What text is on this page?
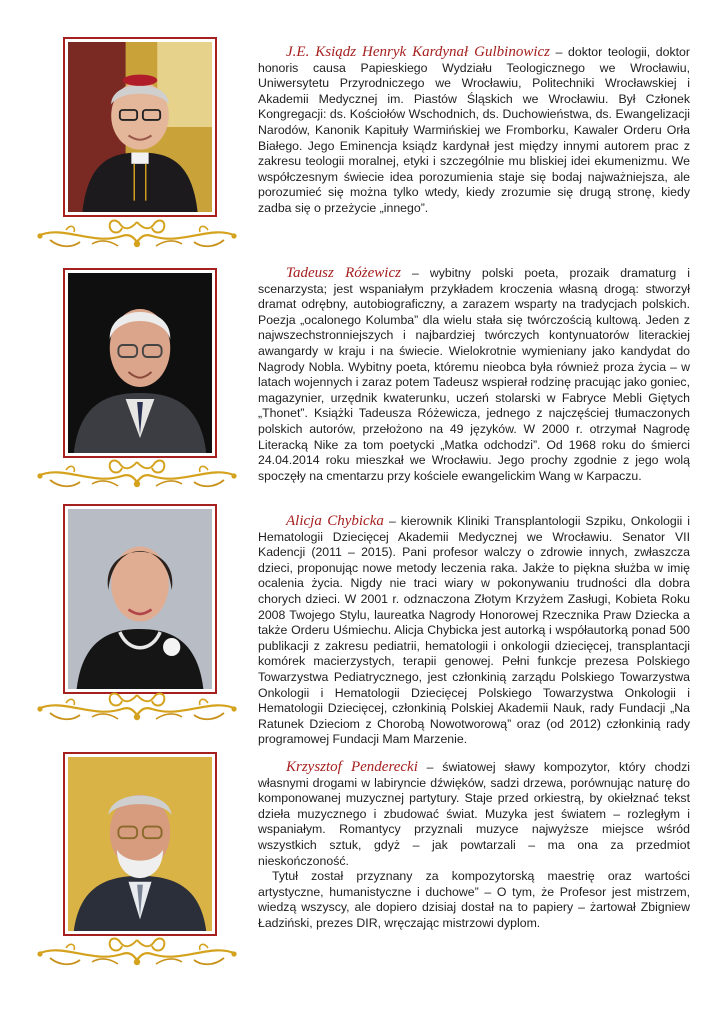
J.E. Ksiądz Henryk Kardynał Gulbinowicz – doktor teologii, doktor honoris causa Papieskiego Wydziału Teologicznego we Wrocławiu, Uniwersytetu Przyrodniczego we Wrocławiu, Politechniki Wrocławskiej i Akademii Medycznej im. Piastów Śląskich we Wrocławiu. Był Członek Kongregacji: ds. Kościołów Wschodnich, ds. Duchowieństwa, ds. Ewangelizacji Narodów, Kanonik Kapituły Warmińskiej we Fromborku, Kawaler Orderu Orła Białego. Jego Eminencja ksiądz kardynał jest między innymi autorem prac z zakresu teologii moralnej, etyki i szczególnie mu bliskiej idei ekumenizmu. We współczesnym świecie idea porozumienia staje się bodaj najważniejsza, ale porozumieć się można tylko wtedy, kiedy zrozumie się drugą stronę, kiedy zadba się o przeżycie „innego”.

Tadeusz Różewicz – wybitny polski poeta, prozaik dramaturg i scenarzysta; jest wspaniałym przykładem kroczenia własną drogą: stworzył dramat odrębny, autobiograficzny, a zarazem wsparty na tradycjach polskich. Poezja „ocalonego Kolumba” dla wielu stała się twórczością kultową. Jeden z najwszechstronniejszych i najbardziej twórczych kontynuatorów literackiej awangardy w kraju i na świecie. Wielokrotnie wymieniany jako kandydat do Nagrody Nobla. Wybitny poeta, któremu nieobca była również proza życia – w latach wojennych i zaraz potem Tadeusz wspierał rodzinę pracując jako goniec, magazynier, urzędnik kwaterunku, uczeń stolarski w Fabryce Mebli Giętych „Thonet”. Książki Tadeusza Różewicza, jednego z najczęściej tłumaczonych polskich autorów, przełożono na 49 języków. W 2000 r. otrzymał Nagrodę Literacką Nike za tom poetycki „Matka odchodzi”. Od 1968 roku do śmierci 24.04.2014 roku mieszkał we Wrocławiu. Jego prochy zgodnie z jego wolą spoczęły na cmentarzu przy kościele ewangelickim Wang w Karpaczu.

Alicja Chybicka – kierownik Kliniki Transplantologii Szpiku, Onkologii i Hematologii Dziecięcej Akademii Medycznej we Wrocławiu. Senator VII Kadencji (2011 – 2015). Pani profesor walczy o zdrowie innych, zwłaszcza dzieci, proponując nowe metody leczenia raka. Jakże to piękna służba w imię ocalenia życia. Nigdy nie traci wiary w pokonywaniu trudności dla dobra chorych dzieci. W 2001 r. odznaczona Złotym Krzyżem Zasługi, Kobieta Roku 2008 Twojego Stylu, laureatka Nagrody Honorowej Rzecznika Praw Dziecka a także Orderu Uśmiechu. Alicja Chybicka jest autorką i współautorką ponad 500 publikacji z zakresu pediatrii, hematologii i onkologii dziecięcej, transplantacji komórek macierzystych, terapii genowej. Pełni funkcje prezesa Polskiego Towarzystwa Pediatrycznego, jest członkinią zarządu Polskiego Towarzystwa Onkologii i Hematologii Dziecięcej Polskiego Towarzystwa Onkologii i Hematologii Dziecięcej, członkinią Polskiej Akademii Nauk, rady Fundacji „Na Ratunek Dzieciom z Chorobą Nowotworową” oraz (od 2012) członkinią rady programowej Fundacji Mam Marzenie.

Krzysztof Penderecki – światowej sławy kompozytor, który chodzi własnymi drogami w labiryncie dźwięków, sadzi drzewa, porównując naturę do komponowanej muzycznej partytury. Staje przed orkiestrą, by okiełznać tekst dzieła muzycznego i zbudować świat. Muzyka jest światem – rozległym i wspaniałym. Romantycy przyznali muzyce najwyższe miejsce wśród wszystkich sztuk, gdyż – jak powtarzali – ma ona za przedmiot nieskończoność.
Tytuł został przyznany za kompozytorską maestrię oraz wartości artystyczne, humanistyczne i duchowe” – O tym, że Profesor jest mistrzem, wiedzą wszyscy, ale dopiero dzisiaj dostał na to papiery – żartował Zbigniew Ładziński, prezes DIR, wręczając mistrzowi dyplom.
